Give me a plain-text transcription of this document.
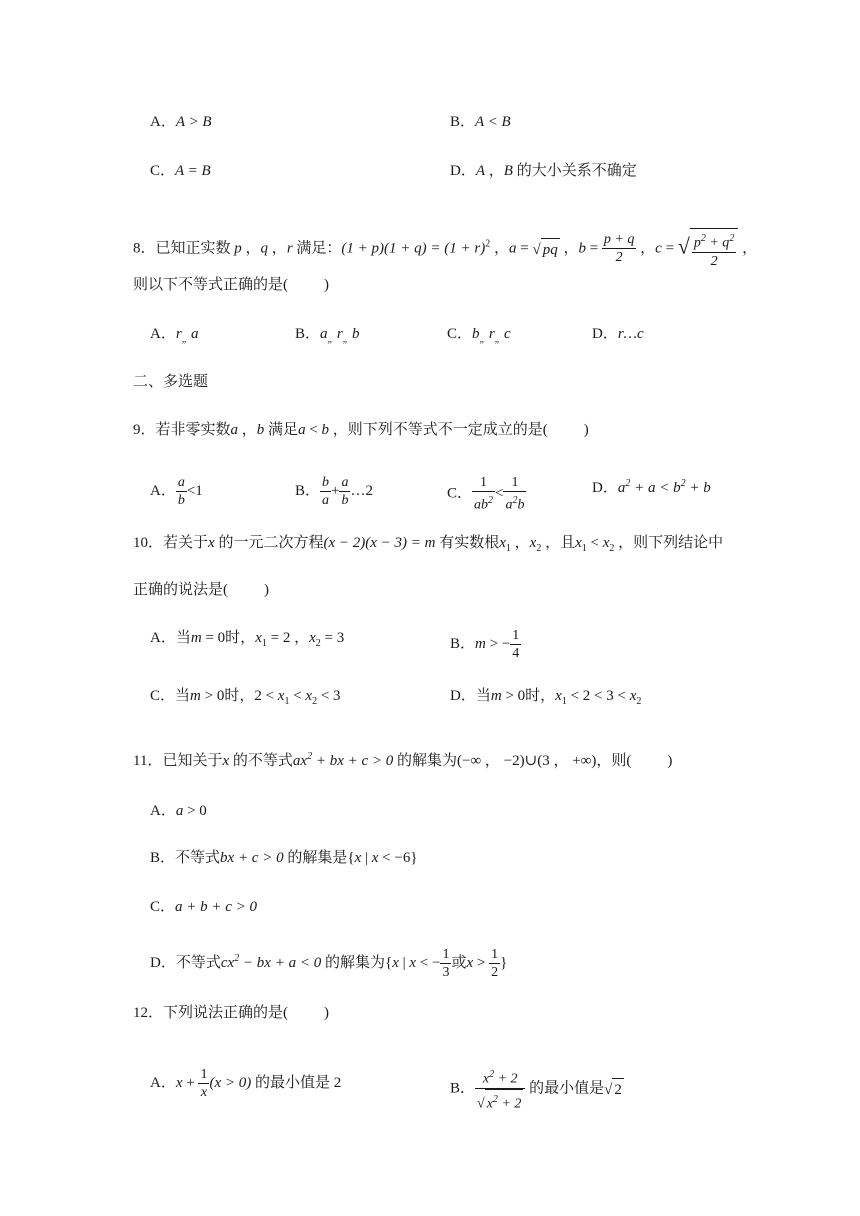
A．A > B	B．A < B
C．A = B	D．A ，B 的大小关系不确定
8．已知正实数 p ，q ，r 满足：$(1 + p)(1 + q) = (1 + r)^2$ ，a = √ pq ，$b = \frac{p + q}{2}$ ，c = √ $\frac{p^2 + q^2}{2}$ ，
则以下不等式正确的是( )
A．$r_„$ a	B．$a_„$ $r_„$ b	C．$b_„$ $r_„$ c	D．r…c
二、多选题
9．若非零实数a ，b 满足a < b ，则下列不等式不一定成立的是( )
A． $\frac{a}{b} <1$	B． $\frac{b}{a} + \frac{a}{b}$ …2	C． $\frac{1}{ab^2} < \frac{1}{a^2b}$	D．$a^2 + a < b^2 + b$
10．若关于x 的一元二次方程(x − 2)(x − 3) = m 有实数根$x_1$ ，$x_2$ ，且$x_1 < x_2$ ，则下列结论中
正确的说法是( )
A．当m = 0时，$x_1 = 2$ ，$x_2 = 3$	B．m > − $\frac{1}{4}$
C．当m > 0时，$2 < x_1 < x_2 < 3$	D．当m > 0时，$x_1 < 2 < 3 < x_2$
11．已知关于x 的不等式$ax^2$ + bx + c > 0 的解集为(−∞ ， −2)∪(3 ， +∞)，则( )
A．a > 0
B．不等式bx + c > 0 的解集是{x | x < −6}
C．a + b + c > 0
D．不等式$cx^2$ − bx + a < 0 的解集为{x | x < − $\frac{1}{3}$ 或$x > \frac{1}{2}$ }
12．下列说法正确的是( )
A．$x + \frac{1}{x} (x > 0)$ 的最小值是 2	B． $\frac{x^2 + 2}{√ x^2 + 2}$ 的最小值是√ 2
